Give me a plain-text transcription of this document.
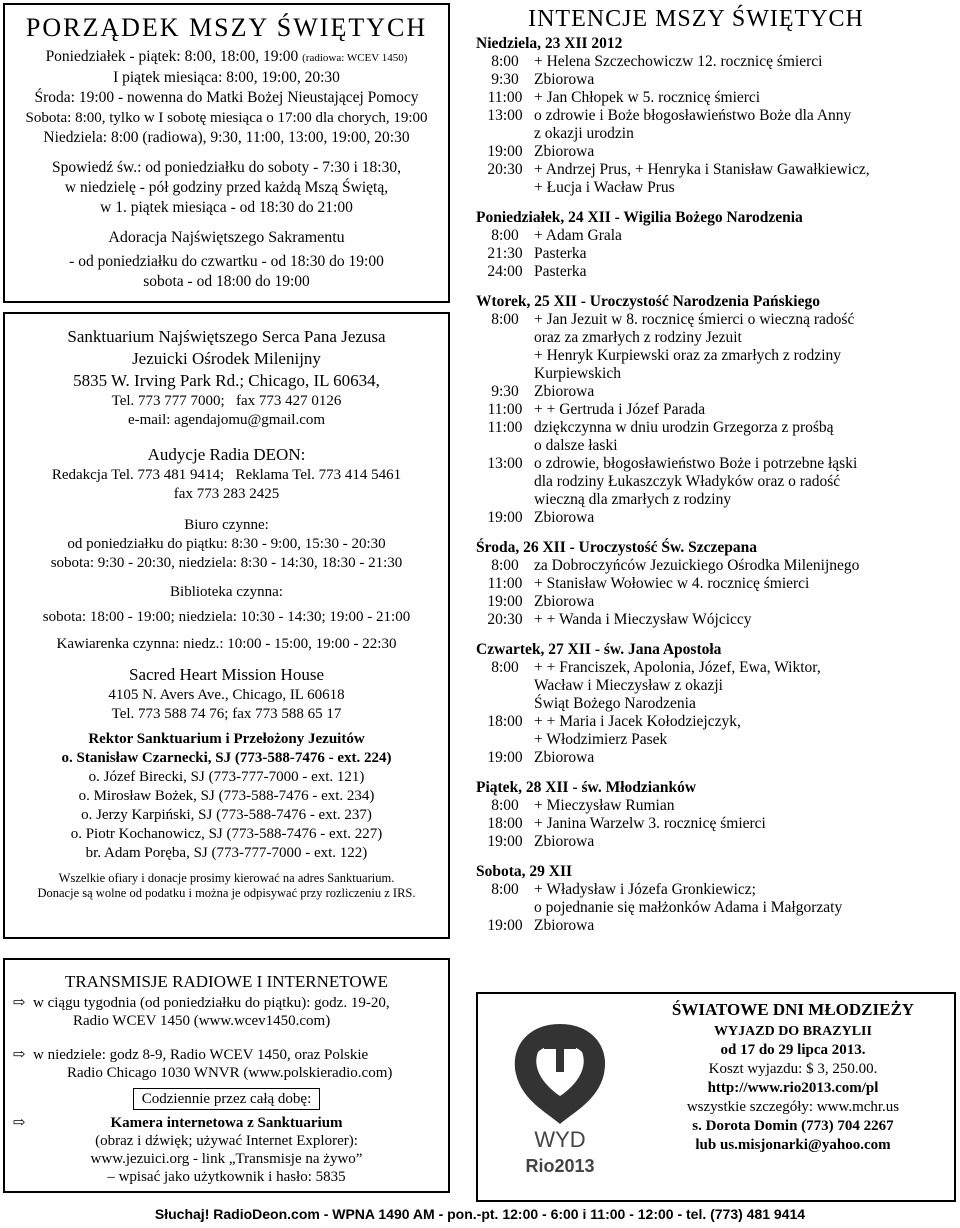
PORZĄDEK MSZY ŚWIĘTYCH
Poniedziałek - piątek: 8:00, 18:00, 19:00 (radiowa: WCEV 1450)
I piątek miesiąca: 8:00, 19:00, 20:30
Środa: 19:00 - nowenna do Matki Bożej Nieustającej Pomocy
Sobota: 8:00, tylko w I sobotę miesiąca o 17:00 dla chorych, 19:00
Niedziela: 8:00 (radiowa), 9:30, 11:00, 13:00, 19:00, 20:30
Spowiedź św.: od poniedziałku do soboty - 7:30 i 18:30,
w niedzielę - pół godziny przed każdą Mszą Świętą,
w 1. piątek miesiąca - od 18:30 do 21:00
Adoracja Najświętszego Sakramentu
- od poniedziałku do czwartku - od 18:30 do 19:00
sobota - od 18:00 do 19:00
Sanktuarium Najświętszego Serca Pana Jezusa
Jezuicki Ośrodek Milenijny
5835 W. Irving Park Rd.; Chicago, IL 60634,
Tel. 773 777 7000;   fax 773 427 0126
e-mail: agendajomu@gmail.com
Audycje Radia DEON:
Redakcja Tel. 773 481 9414;   Reklama Tel. 773 414 5461
fax 773 283 2425
Biuro czynne:
od poniedziałku do piątku: 8:30 - 9:00, 15:30 - 20:30
sobota: 9:30 - 20:30, niedziela: 8:30 - 14:30, 18:30 - 21:30
Biblioteka czynna:
sobota: 18:00 - 19:00; niedziela: 10:30 - 14:30; 19:00 - 21:00
Kawiarenka czynna: niedz.: 10:00 - 15:00, 19:00 - 22:30
Sacred Heart Mission House
4105 N. Avers Ave., Chicago, IL 60618
Tel. 773 588 74 76; fax 773 588 65 17
Rektor Sanktuarium i Przełożony Jezuitów
o. Stanisław Czarnecki, SJ (773-588-7476 - ext. 224)
o. Józef Birecki, SJ (773-777-7000 - ext. 121)
o. Mirosław Bożek, SJ (773-588-7476 - ext. 234)
o. Jerzy Karpiński, SJ (773-588-7476 - ext. 237)
o. Piotr Kochanowicz, SJ (773-588-7476 - ext. 227)
br. Adam Poręba, SJ (773-777-7000 - ext. 122)
Wszelkie ofiary i donacje prosimy kierować na adres Sanktuarium.
Donacje są wolne od podatku i można je odpisywać przy rozliczeniu z IRS.
TRANSMISJE RADIOWE I INTERNETOWE
⇨ w ciągu tygodnia (od poniedziałku do piątku): godz. 19-20,
Radio WCEV 1450 (www.wcev1450.com)
⇨ w niedziele: godz 8-9, Radio WCEV 1450, oraz Polskie
Radio Chicago 1030 WNVR (www.polskieradio.com)
Codziennie przez całą dobę:
⇨	Kamera internetowa z Sanktuarium
(obraz i dźwięk; używać Internet Explorer):
www.jezuici.org - link „Transmisje na żywo”
– wpisać jako użytkownik i hasło: 5835
INTENCJE MSZY ŚWIĘTYCH
Niedziela, 23 XII 2012
8:00 + Helena Szczechowiczw 12. rocznicę śmierci
9:30 Zbiorowa
11:00 + Jan Chłopek w 5. rocznicę śmierci
13:00 o zdrowie i Boże błogosławieństwo Boże dla Anny
z okazji urodzin
19:00 Zbiorowa
20:30 + Andrzej Prus, + Henryka i Stanisław Gawałkiewicz,
+ Łucja i Wacław Prus
Poniedziałek, 24 XII - Wigilia Bożego Narodzenia
8:00 + Adam Grala
21:30 Pasterka
24:00 Pasterka
Wtorek, 25 XII - Uroczystość Narodzenia Pańskiego
8:00 + Jan Jezuit w 8. rocznicę śmierci o wieczną radość
oraz za zmarłych z rodziny Jezuit
+ Henryk Kurpiewski oraz za zmarłych z rodziny
Kurpiewskich
9:30 Zbiorowa
11:00 + + Gertruda i Józef Parada
11:00 dziękczynna w dniu urodzin Grzegorza z prośbą
o dalsze łaski
13:00 o zdrowie, błogosławieństwo Boże i potrzebne łąski
dla rodziny Łukaszczyk Władyków oraz o radość
wieczną dla zmarłych z rodziny
19:00 Zbiorowa
Środa, 26 XII - Uroczystość Św. Szczepana
8:00 za Dobroczyńców Jezuickiego Ośrodka Milenijnego
11:00 + Stanisław Wołowiec w 4. rocznicę śmierci
19:00 Zbiorowa
20:30 + + Wanda i Mieczysław Wójciccy
Czwartek, 27 XII - św. Jana Apostoła
8:00 + + Franciszek, Apolonia, Józef, Ewa, Wiktor,
Wacław i Mieczysław z okazji
Świąt Bożego Narodzenia
18:00 + + Maria i Jacek Kołodziejczyk,
+ Włodzimierz Pasek
19:00 Zbiorowa
Piątek, 28 XII - św. Młodzianków
8:00 + Mieczysław Rumian
18:00 + Janina Warzelw 3. rocznicę śmierci
19:00 Zbiorowa
Sobota, 29 XII
8:00 + Władysław i Józefa Gronkiewicz;
o pojednanie się małżonków Adama i Małgorzaty
19:00 Zbiorowa
WYD
Rio2013
ŚWIATOWE DNI MŁODZIEŻY
WYJAZD DO BRAZYLII
od 17 do 29 lipca 2013.
Koszt wyjazdu: $ 3, 250.00.
http://www.rio2013.com/pl
wszystkie szczegóły: www.mchr.us
s. Dorota Domin (773) 704 2267
lub us.misjonarki@yahoo.com
Słuchaj! RadioDeon.com - WPNA 1490 AM - pon.-pt. 12:00 - 6:00 i 11:00 - 12:00 - tel. (773) 481 9414
